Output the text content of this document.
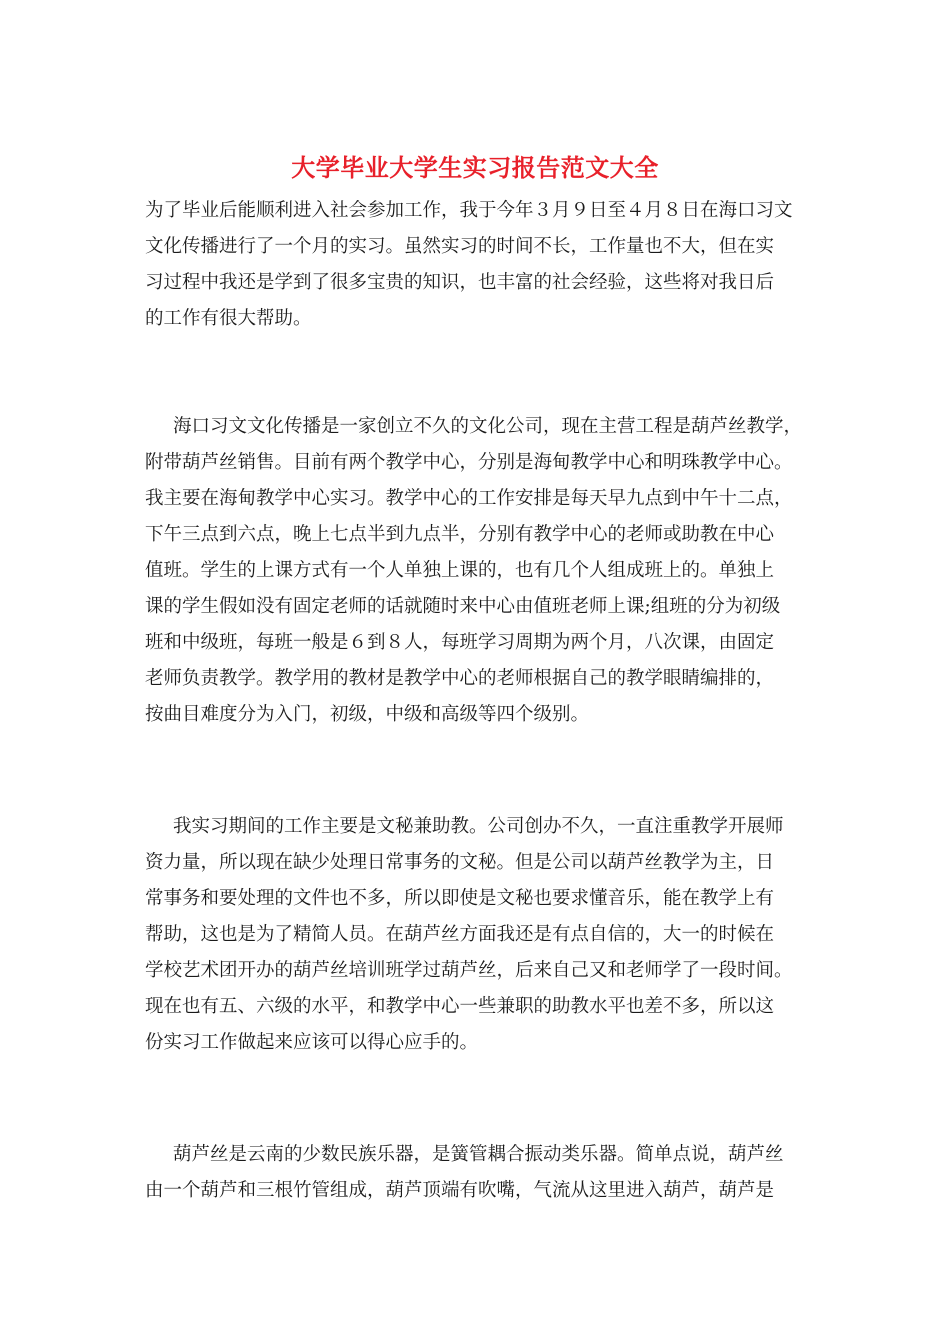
大学毕业大学生实习报告范文大全
为了毕业后能顺利进入社会参加工作，我于今年３月９日至４月８日在海口习文
文化传播进行了一个月的实习。虽然实习的时间不长，工作量也不大，但在实
习过程中我还是学到了很多宝贵的知识，也丰富的社会经验，这些将对我日后
的工作有很大帮助。
海口习文文化传播是一家创立不久的文化公司，现在主营工程是葫芦丝教学，
附带葫芦丝销售。目前有两个教学中心，分别是海甸教学中心和明珠教学中心。
我主要在海甸教学中心实习。教学中心的工作安排是每天早九点到中午十二点，
下午三点到六点，晚上七点半到九点半，分别有教学中心的老师或助教在中心
值班。学生的上课方式有一个人单独上课的，也有几个人组成班上的。单独上
课的学生假如没有固定老师的话就随时来中心由值班老师上课;组班的分为初级
班和中级班，每班一般是６到８人，每班学习周期为两个月，八次课，由固定
老师负责教学。教学用的教材是教学中心的老师根据自己的教学眼睛编排的，
按曲目难度分为入门，初级，中级和高级等四个级别。
我实习期间的工作主要是文秘兼助教。公司创办不久，一直注重教学开展师
资力量，所以现在缺少处理日常事务的文秘。但是公司以葫芦丝教学为主，日
常事务和要处理的文件也不多，所以即使是文秘也要求懂音乐，能在教学上有
帮助，这也是为了精简人员。在葫芦丝方面我还是有点自信的，大一的时候在
学校艺术团开办的葫芦丝培训班学过葫芦丝，后来自己又和老师学了一段时间。
现在也有五、六级的水平，和教学中心一些兼职的助教水平也差不多，所以这
份实习工作做起来应该可以得心应手的。
葫芦丝是云南的少数民族乐器，是簧管耦合振动类乐器。简单点说，葫芦丝
由一个葫芦和三根竹管组成，葫芦顶端有吹嘴，气流从这里进入葫芦，葫芦是
